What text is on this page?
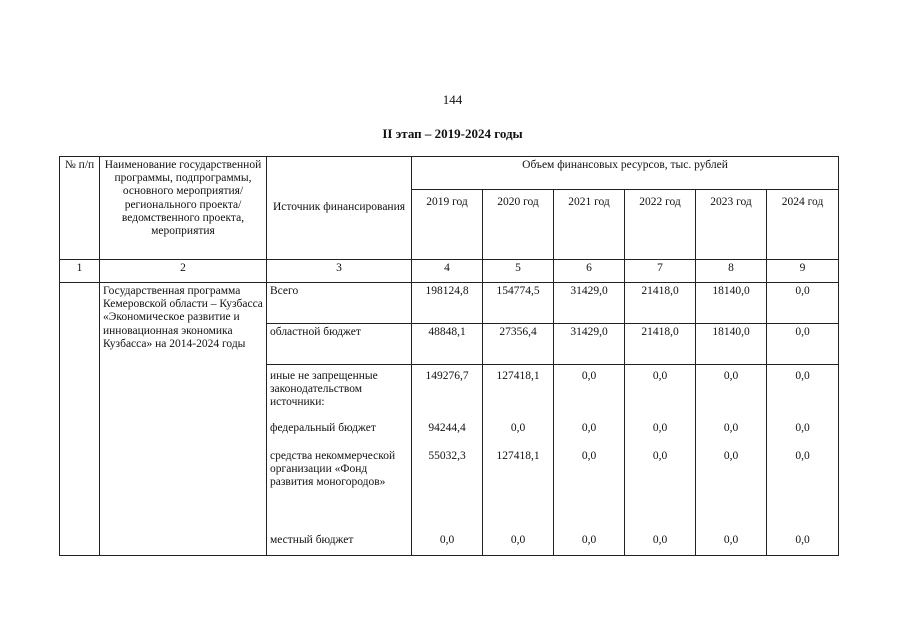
144
II этап – 2019-2024 годы
№ п/п	Наименование государственной программы, подпрограммы, основного мероприятия/регионального проекта/ведомственного проекта, мероприятия	Источник финансирования	Объем финансовых ресурсов, тыс. рублей					
			2019 год	2020 год	2021 год	2022 год	2023 год	2024 год
1	2	3	4	5	6	7	8	9
	Государственная программа Кемеровской области – Кузбасса «Экономическое развитие и инновационная экономика Кузбасса» на 2014-2024 годы	Всего	198124,8	154774,5	31429,0	21418,0	18140,0	0,0
		областной бюджет	48848,1	27356,4	31429,0	21418,0	18140,0	0,0
		иные не запрещенные законодательством источники:	149276,7	127418,1	0,0	0,0	0,0	0,0
		федеральный бюджет	94244,4	0,0	0,0	0,0	0,0	0,0
		средства некоммерческой организации «Фонд развития моногородов»	55032,3	127418,1	0,0	0,0	0,0	0,0
		местный бюджет	0,0	0,0	0,0	0,0	0,0	0,0
